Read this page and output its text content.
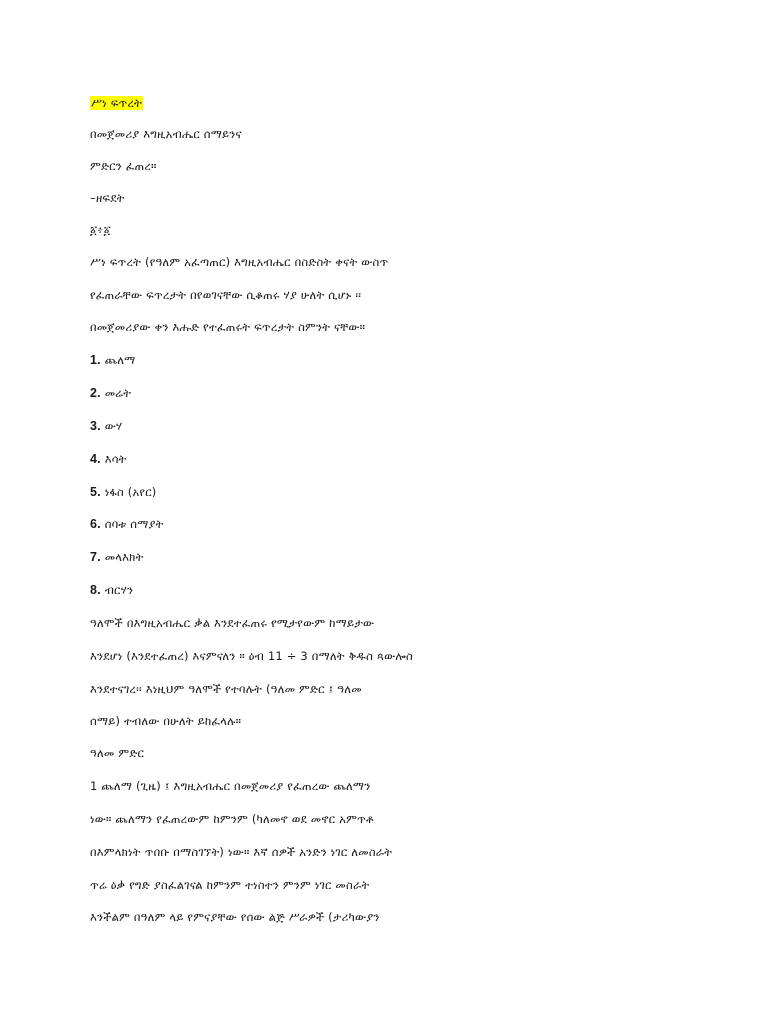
ሥነ ፍጥረት
በመጀመሪያ እግዚአብሔር ሰማይንና
ምድርን ፈጠረ።
–ዘፍደት
፩፥፩
ሥነ ፍጥረት (የዓለም አፈጣጠር) እግዚአብሔር በስድስት ቀናት ውስጥ
የፈጠራቸው ፍጥረታት በየወገናቸው ሲቆጠሩ ሃያ ሁለት ሲሆኑ ፡፡
በመጀመሪያው ቀን እሑድ የተፈጠሩት ፍጥረታት ስምንት ናቸው።
1. ጨለማ
2. መሬት
3. ውሃ
4. እሳት
5. ነፋስ (አየር)
6. ሰባቱ ሰማያት
7. መላእክት
8. ብርሃን
ዓለሞች በእግዚአብሔር ቃል እንደተፈጠሩ የሚታየውም ከማይታው
እንደሆነ (እንደተፈጠረ) እናምናለን ። ዕብ 11 ÷ 3 በማለት ቅዱስ ጳውሎስ
እንደተናገረ፡፡ እነዚህም ዓለሞች የተባሉት (ዓለመ ምድር ፤ ዓለመ
ሰማይ) ተብለው በሁለት ይከፈላሉ።
ዓለመ ምድር
1 ጨለማ (ጊዜ) ፤ እግዚአብሔር በመጀመሪያ የፈጠረው ጨለማን
ነው። ጨለማን የፈጠረውም ከምንም (ካለመኖ ወደ መኖር አምጥቶ
በእምላክነት ጥበቡ በማስገኘት) ነው። እኛ ሰዎች አንድን ነገር ለመስራት
ጥሬ ዕቃ የግድ ያስፈልገናል ከምንም ተነስተን ምንም ነገር መስራት
እንችልም በዓለም ላይ የምናያቸው የሰው ልጅ ሥራዎች (ታሪካውያን
